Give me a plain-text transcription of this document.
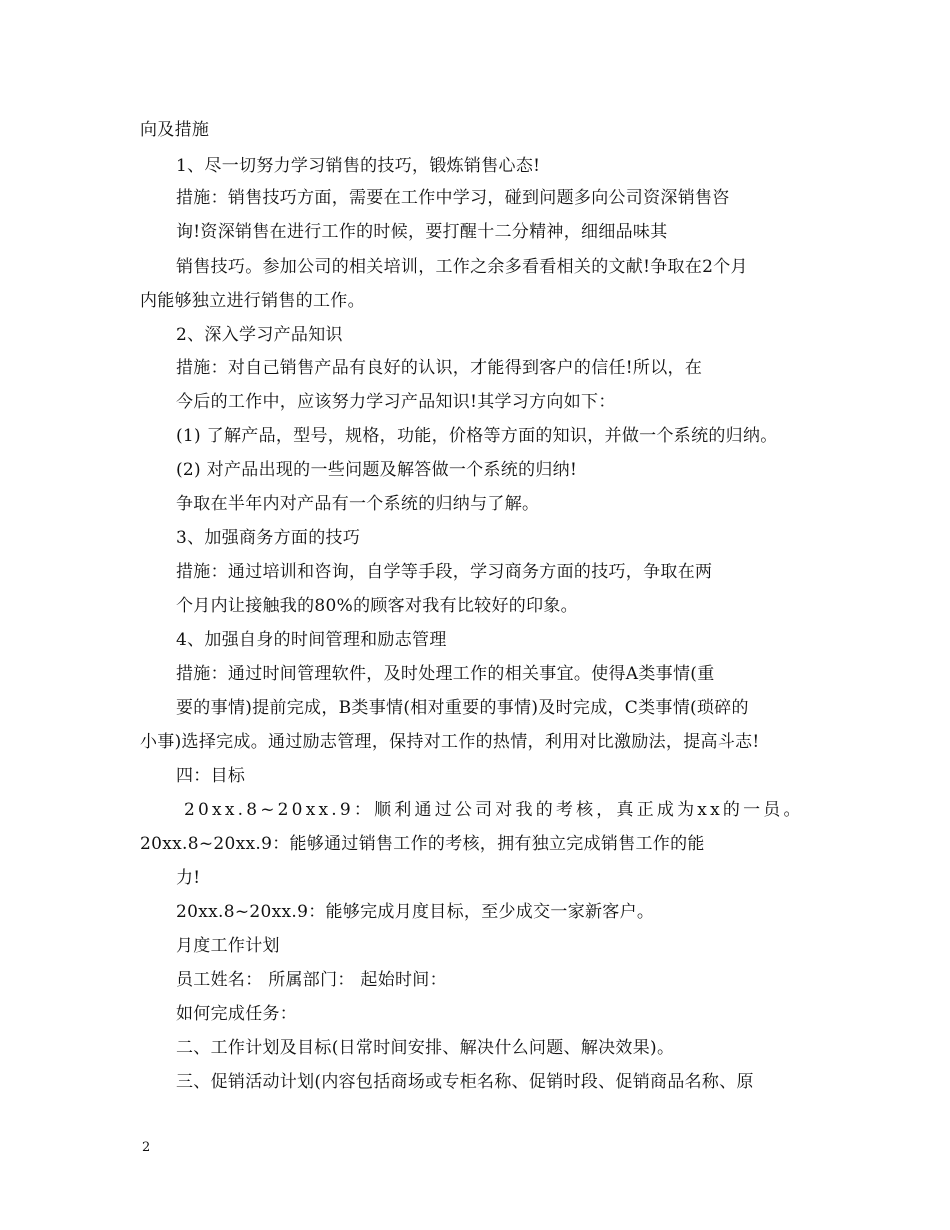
向及措施
1、尽一切努力学习销售的技巧，锻炼销售心态!
措施：销售技巧方面，需要在工作中学习，碰到问题多向公司资深销售咨
询!资深销售在进行工作的时候，要打醒十二分精神，细细品味其
销售技巧。参加公司的相关培训，工作之余多看看相关的文献!争取在2个月
内能够独立进行销售的工作。
2、深入学习产品知识
措施：对自己销售产品有良好的认识，才能得到客户的信任!所以，在
今后的工作中，应该努力学习产品知识!其学习方向如下：
(1) 了解产品，型号，规格，功能，价格等方面的知识，并做一个系统的归纳。
(2) 对产品出现的一些问题及解答做一个系统的归纳!
争取在半年内对产品有一个系统的归纳与了解。
3、加强商务方面的技巧
措施：通过培训和咨询，自学等手段，学习商务方面的技巧，争取在两
个月内让接触我的80%的顾客对我有比较好的印象。
4、加强自身的时间管理和励志管理
措施：通过时间管理软件，及时处理工作的相关事宜。使得A类事情(重
要的事情)提前完成，B类事情(相对重要的事情)及时完成，C类事情(琐碎的
小事)选择完成。通过励志管理，保持对工作的热情，利用对比激励法，提高斗志!
四：目标
20xx.8~20xx.9：顺利通过公司对我的考核，真正成为xx的一员。
20xx.8~20xx.9：能够通过销售工作的考核，拥有独立完成销售工作的能
力!
20xx.8~20xx.9：能够完成月度目标，至少成交一家新客户。
月度工作计划
员工姓名： 所属部门： 起始时间：
如何完成任务：
二、工作计划及目标(日常时间安排、解决什么问题、解决效果)。
三、促销活动计划(内容包括商场或专柜名称、促销时段、促销商品名称、原
2
